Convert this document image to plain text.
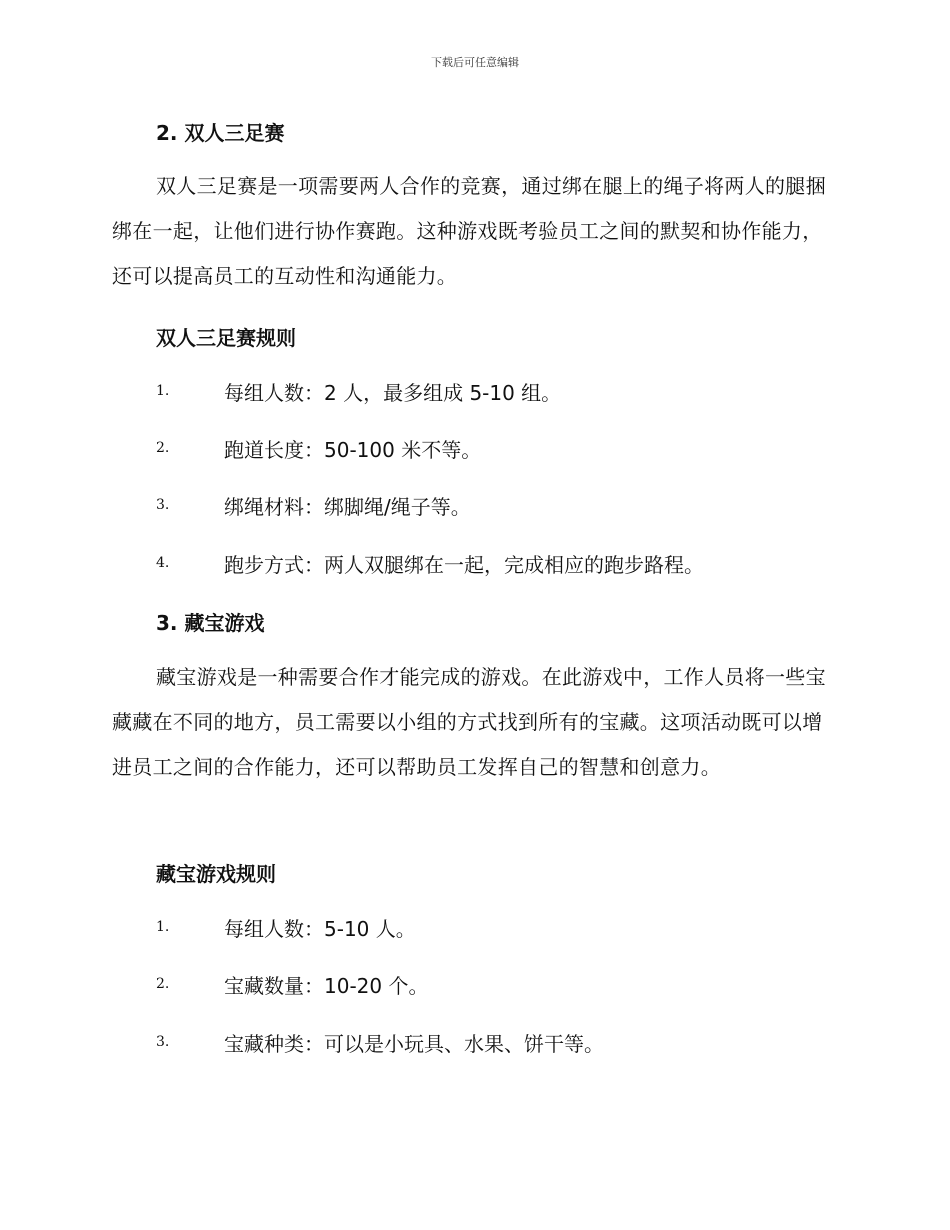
下载后可任意编辑
2. 双人三足赛

双人三足赛是一项需要两人合作的竞赛，通过绑在腿上的绳子将两人的腿捆绑在一起，让他们进行协作赛跑。这种游戏既考验员工之间的默契和协作能力，还可以提高员工的互动性和沟通能力。

双人三足赛规则
1.	每组人数：2 人，最多组成 5-10 组。
2.	跑道长度：50-100 米不等。
3.	绑绳材料：绑脚绳/绳子等。
4.	跑步方式：两人双腿绑在一起，完成相应的跑步路程。
3. 藏宝游戏

藏宝游戏是一种需要合作才能完成的游戏。在此游戏中，工作人员将一些宝藏藏在不同的地方，员工需要以小组的方式找到所有的宝藏。这项活动既可以增进员工之间的合作能力，还可以帮助员工发挥自己的智慧和创意力。

藏宝游戏规则
1.	每组人数：5-10 人。
2.	宝藏数量：10-20 个。
3.	宝藏种类：可以是小玩具、水果、饼干等。
